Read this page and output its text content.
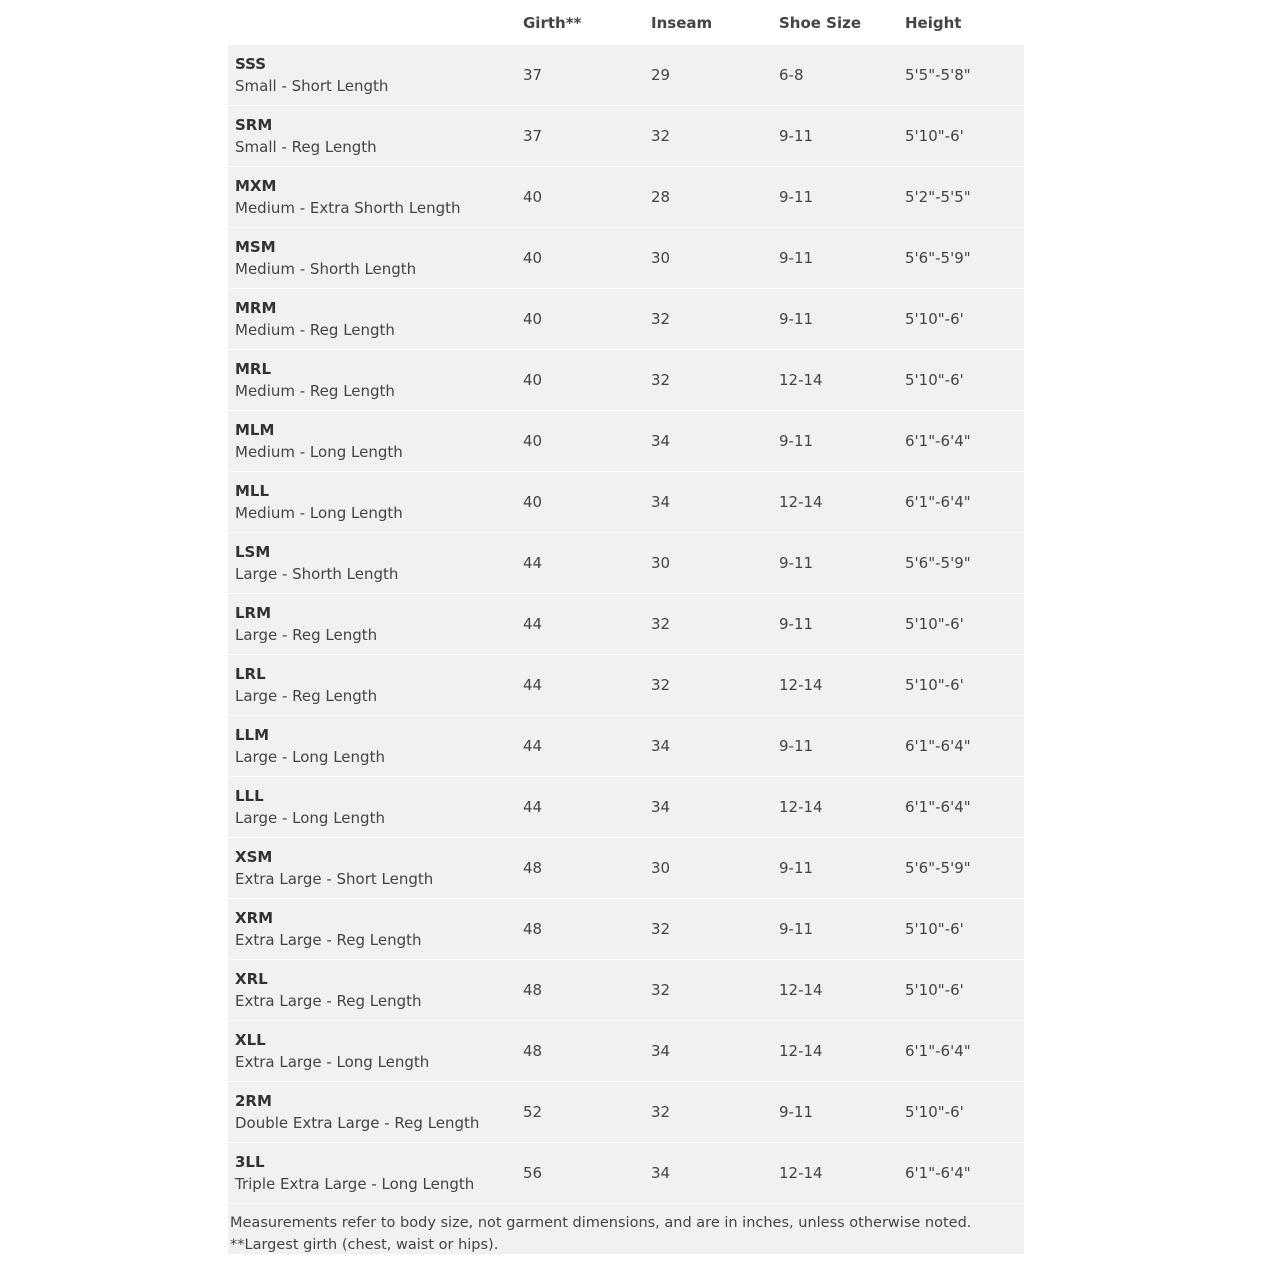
Girth**	Inseam	Shoe Size	Height
SSS
Small - Short Length
37	29	6-8	5'5"-5'8"
SRM
Small - Reg Length
37	32	9-11	5'10"-6'
MXM
Medium - Extra Shorth Length
40	28	9-11	5'2"-5'5"
MSM
Medium - Shorth Length
40	30	9-11	5'6"-5'9"
MRM
Medium - Reg Length
40	32	9-11	5'10"-6'
MRL
Medium - Reg Length
40	32	12-14	5'10"-6'
MLM
Medium - Long Length
40	34	9-11	6'1"-6'4"
MLL
Medium - Long Length
40	34	12-14	6'1"-6'4"
LSM
Large - Shorth Length
44	30	9-11	5'6"-5'9"
LRM
Large - Reg Length
44	32	9-11	5'10"-6'
LRL
Large - Reg Length
44	32	12-14	5'10"-6'
LLM
Large - Long Length
44	34	9-11	6'1"-6'4"
LLL
Large - Long Length
44	34	12-14	6'1"-6'4"
XSM
Extra Large - Short Length
48	30	9-11	5'6"-5'9"
XRM
Extra Large - Reg Length
48	32	9-11	5'10"-6'
XRL
Extra Large - Reg Length
48	32	12-14	5'10"-6'
XLL
Extra Large - Long Length
48	34	12-14	6'1"-6'4"
2RM
Double Extra Large - Reg Length
52	32	9-11	5'10"-6'
3LL
Triple Extra Large - Long Length
56	34	12-14	6'1"-6'4"
Measurements refer to body size, not garment dimensions, and are in inches, unless otherwise noted. **Largest girth (chest, waist or hips).
